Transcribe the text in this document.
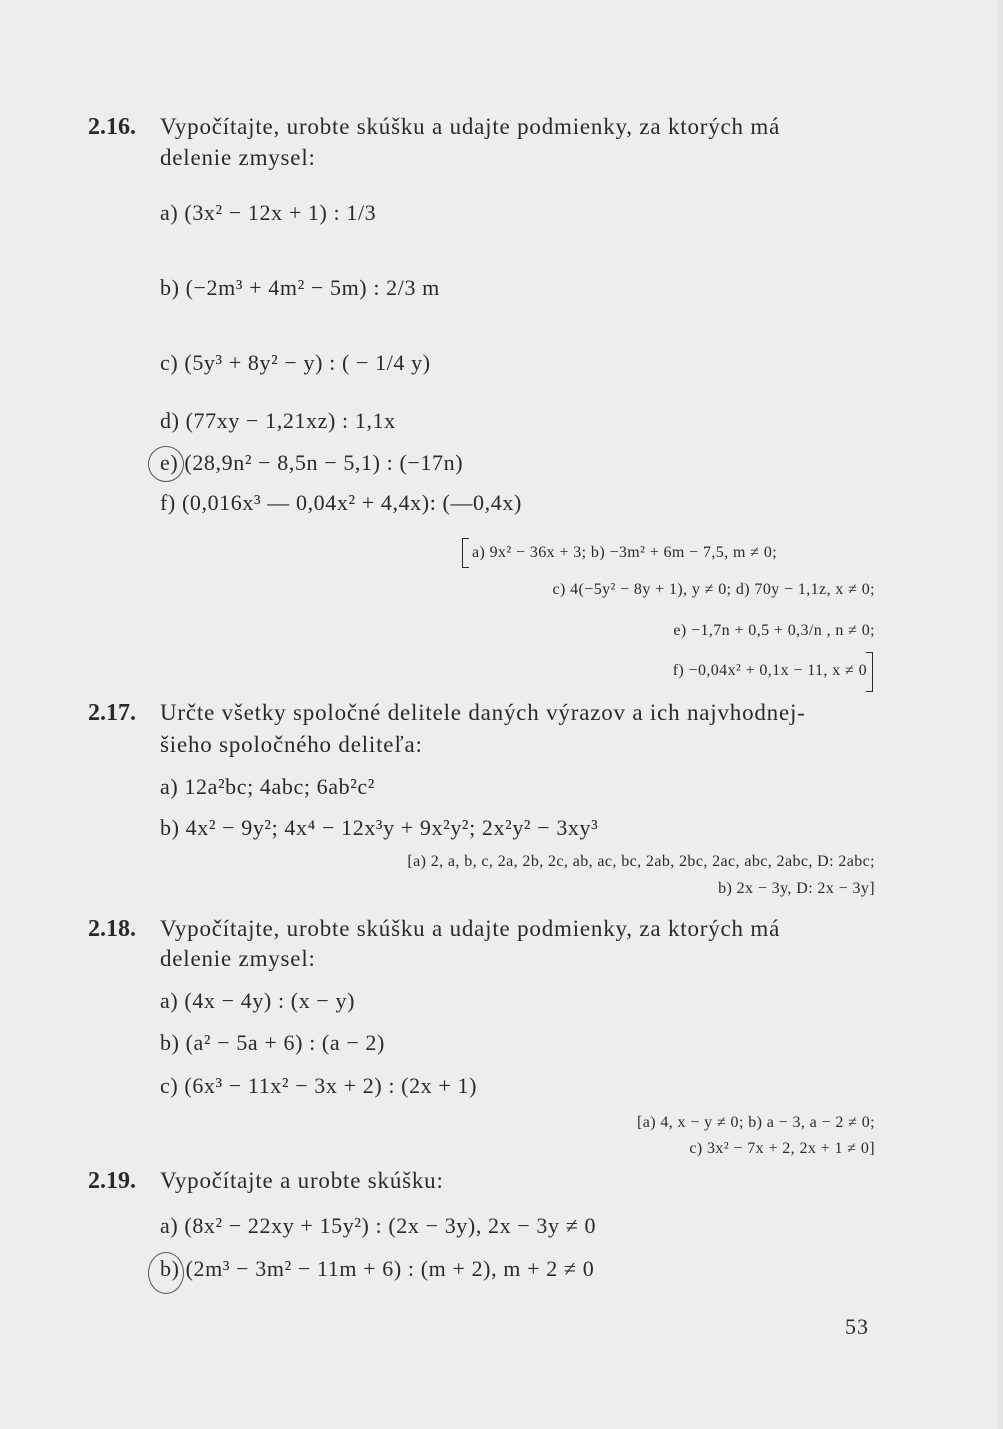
2.16. Vypočítajte, urobte skúšku a udajte podmienky, za ktorých má
delenie zmysel:
a) (3x² − 12x + 1) : 1/3
b) (−2m³ + 4m² − 5m) : 2/3 m
c) (5y³ + 8y² − y) : ( − 1/4 y)
d) (77xy − 1,21xz) : 1,1x
e) (28,9n² − 8,5n − 5,1) : (−17n)
f) (0,016x³ — 0,04x² + 4,4x): (—0,4x)
a) 9x² − 36x + 3; b) −3m² + 6m − 7,5, m ≠ 0;
c) 4(−5y² − 8y + 1), y ≠ 0; d) 70y − 1,1z, x ≠ 0;
e) −1,7n + 0,5 + 0,3/n , n ≠ 0;
f) −0,04x² + 0,1x − 11, x ≠ 0
2.17. Určte všetky spoločné delitele daných výrazov a ich najvhodnej-
šieho spoločného deliteľa:
a) 12a²bc; 4abc; 6ab²c²
b) 4x² − 9y²; 4x⁴ − 12x³y + 9x²y²; 2x²y² − 3xy³
[a) 2, a, b, c, 2a, 2b, 2c, ab, ac, bc, 2ab, 2bc, 2ac, abc, 2abc, D: 2abc;
b) 2x − 3y, D: 2x − 3y]
2.18. Vypočítajte, urobte skúšku a udajte podmienky, za ktorých má
delenie zmysel:
a) (4x − 4y) : (x − y)
b) (a² − 5a + 6) : (a − 2)
c) (6x³ − 11x² − 3x + 2) : (2x + 1)
[a) 4, x − y ≠ 0; b) a − 3, a − 2 ≠ 0;
c) 3x² − 7x + 2, 2x + 1 ≠ 0]
2.19. Vypočítajte a urobte skúšku:
a) (8x² − 22xy + 15y²) : (2x − 3y), 2x − 3y ≠ 0
b) (2m³ − 3m² − 11m + 6) : (m + 2), m + 2 ≠ 0
53
